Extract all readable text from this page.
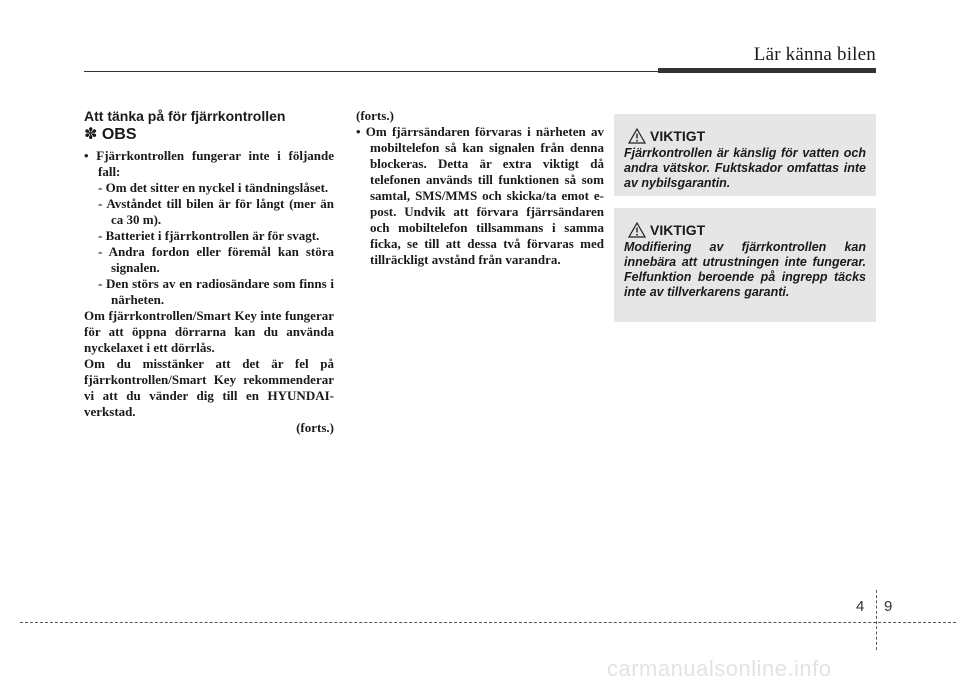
Lär känna bilen
Att tänka på för fjärrkontrollen
✽ OBS
• Fjärrkontrollen fungerar inte i följande fall:
- Om det sitter en nyckel i tändningslåset.
- Avståndet till bilen är för långt (mer än ca 30 m).
- Batteriet i fjärrkontrollen är för svagt.
- Andra fordon eller föremål kan störa signalen.
- Den störs av en radiosändare som finns i närheten.
Om fjärrkontrollen/Smart Key inte fungerar för att öppna dörrarna kan du använda nyckelaxet i ett dörrlås.
Om du misstänker att det är fel på fjärrkontrollen/Smart Key rekommenderar vi att du vänder dig till en HYUNDAI-verkstad.
(forts.)
(forts.)
• Om fjärrsändaren förvaras i närheten av mobiltelefon så kan signalen från denna blockeras. Detta är extra viktigt då telefonen används till funktionen så som samtal, SMS/MMS och skicka/ta emot e-post. Undvik att förvara fjärrsändaren och mobiltelefon tillsammans i samma ficka, se till att dessa två förvaras med tillräckligt avstånd från varandra.
VIKTIGT
Fjärrkontrollen är känslig för vatten och andra vätskor. Fuktskador omfattas inte av nybilsgarantin.
VIKTIGT
Modifiering av fjärrkontrollen kan innebära att utrustningen inte fungerar. Felfunktion beroende på ingrepp täcks inte av tillverkarens garanti.
4 9
carmanualsonline.info
